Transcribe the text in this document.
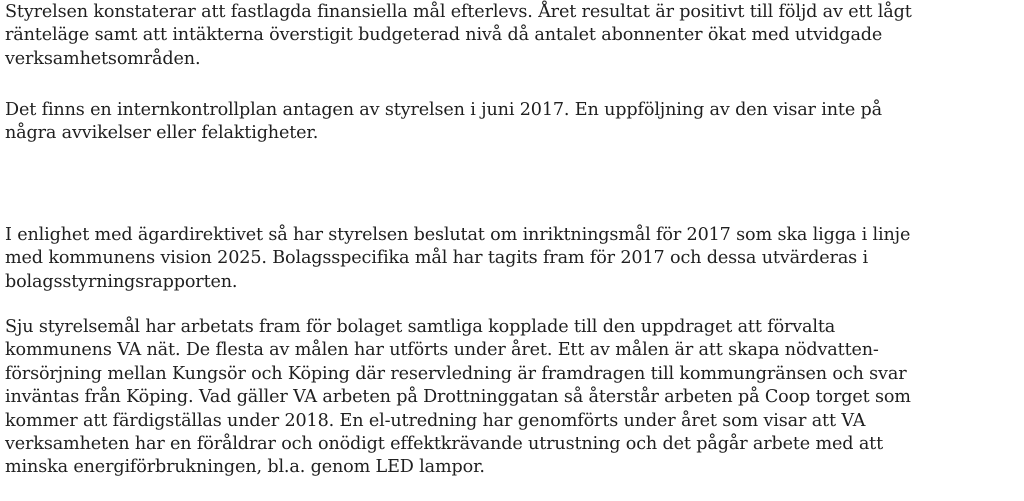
Styrelsen konstaterar att fastlagda finansiella mål efterlevs. Året resultat är positivt till följd av ett lågt
ränteläge samt att intäkterna överstigit budgeterad nivå då antalet abonnenter ökat med utvidgade
verksamhetsområden.

Det finns en internkontrollplan antagen av styrelsen i juni 2017. En uppföljning av den visar inte på
några avvikelser eller felaktigheter.

I enlighet med ägardirektivet så har styrelsen beslutat om inriktningsmål för 2017 som ska ligga i linje
med kommunens vision 2025. Bolagsspecifika mål har tagits fram för 2017 och dessa utvärderas i
bolagsstyrningsrapporten.

Sju styrelsemål har arbetats fram för bolaget samtliga kopplade till den uppdraget att förvalta
kommunens VA nät. De flesta av målen har utförts under året. Ett av målen är att skapa nödvatten-
försörjning mellan Kungsör och Köping där reservledning är framdragen till kommungränsen och svar
inväntas från Köping. Vad gäller VA arbeten på Drottninggatan så återstår arbeten på Coop torget som
kommer att färdigställas under 2018. En el-utredning har genomförts under året som visar att VA
verksamheten har en föråldrar och onödigt effektkrävande utrustning och det pågår arbete med att
minska energiförbrukningen, bl.a. genom LED lampor.
